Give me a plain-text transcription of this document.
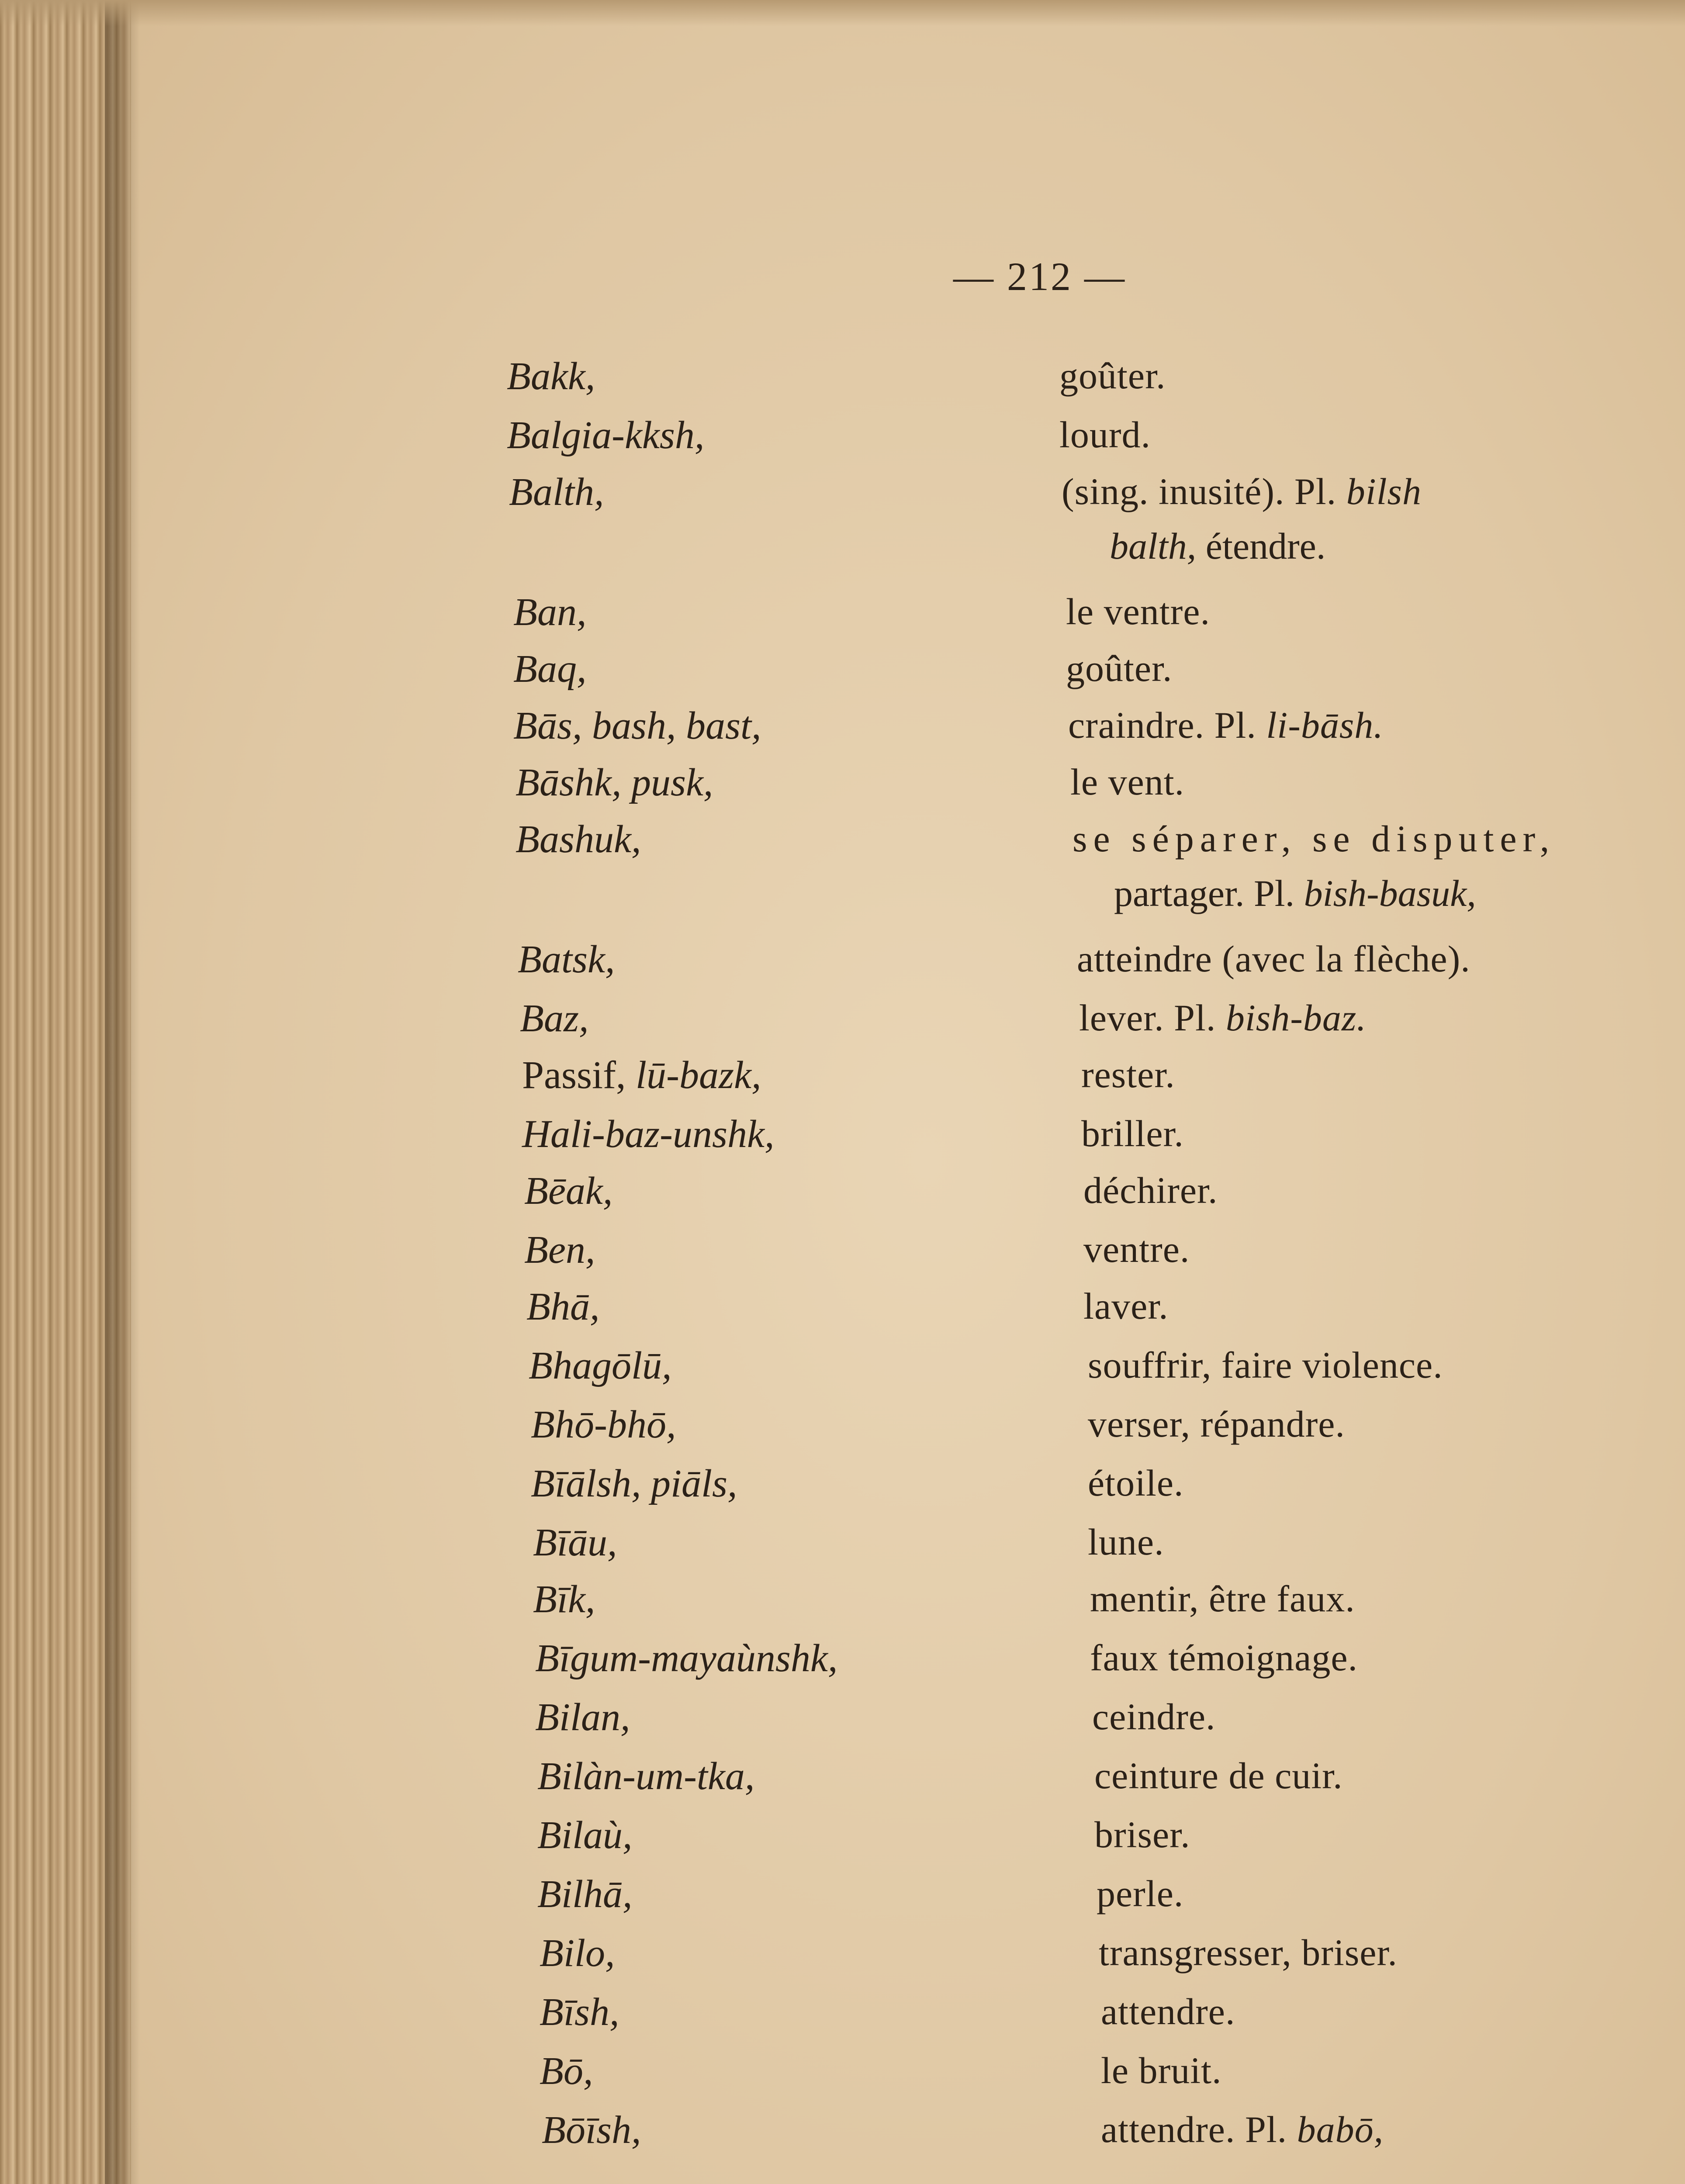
— 212 —
Bakk,	goûter.
Balgia-kksh,	lourd.
Balth,	(sing. inusité). Pl. bilsh
balth, étendre.
Ban,	le ventre.
Baq,	goûter.
Bās, bash, bast,	craindre. Pl. li-bāsh.
Bāshk, pusk,	le vent.
Bashuk,	se séparer, se disputer,
partager. Pl. bish-basuk,
Batsk,	atteindre (avec la flèche).
Baz,	lever. Pl. bish-baz.
Passif, lū-bazk,	rester.
Hali-baz-unshk,	briller.
Bēak,	déchirer.
Ben,	ventre.
Bhā,	laver.
Bhagōlū,	souffrir, faire violence.
Bhō-bhō,	verser, répandre.
Bīālsh, piāls,	étoile.
Bīāu,	lune.
Bīk,	mentir, être faux.
Bīgum-mayaùnshk,	faux témoignage.
Bilan,	ceindre.
Bilàn-um-tka,	ceinture de cuir.
Bilaù,	briser.
Bilhā,	perle.
Bilo,	transgresser, briser.
Bīsh,	attendre.
Bō,	le bruit.
Bōīsh,	attendre. Pl. babō,
